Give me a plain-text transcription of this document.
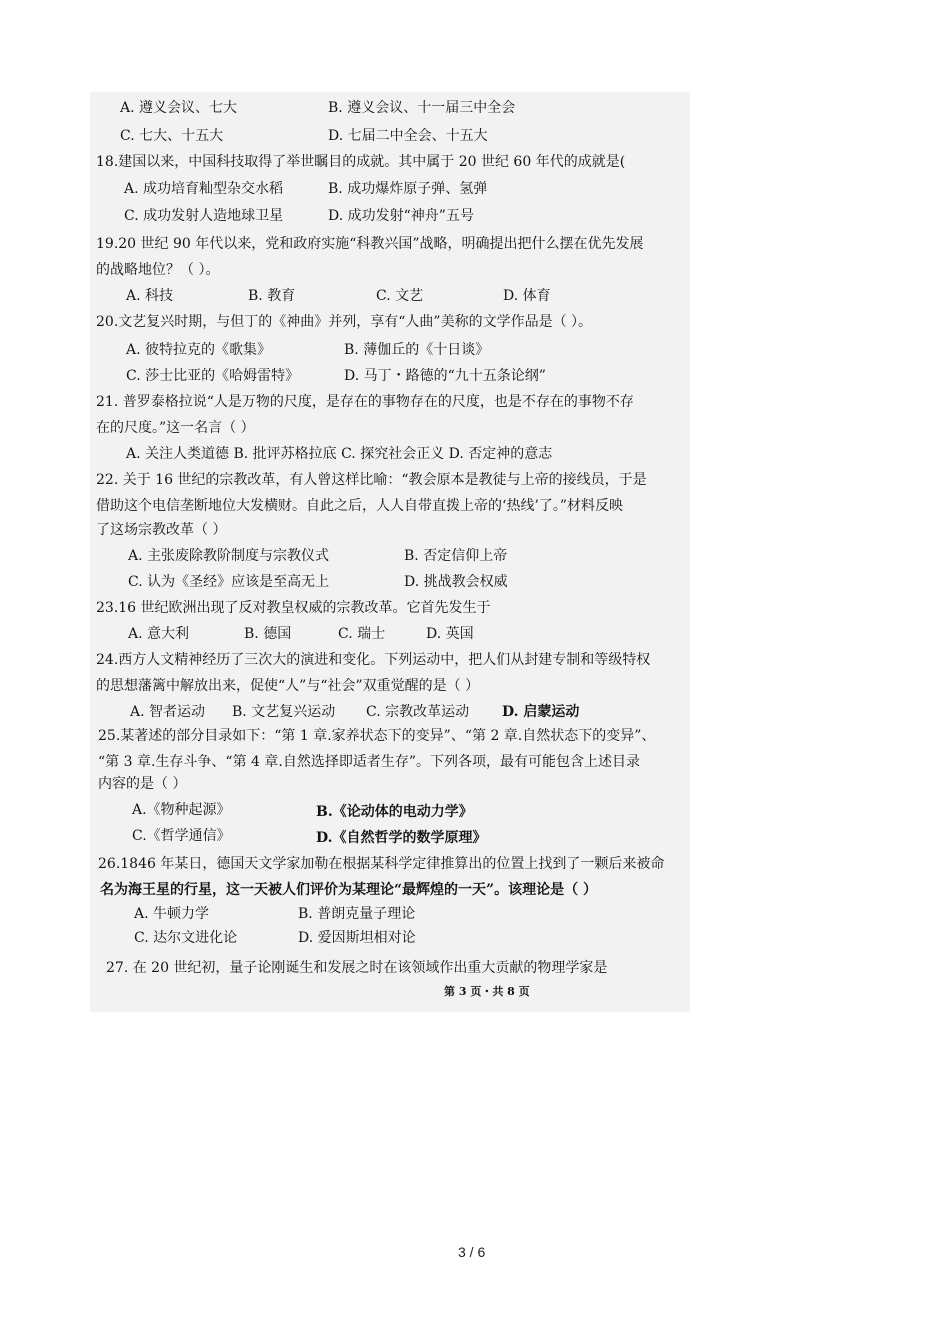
A. 遵义会议、七大	B. 遵义会议、十一届三中全会
C. 七大、十五大	D. 七届二中全会、十五大
18.建国以来，中国科技取得了举世瞩目的成就。其中属于 20 世纪 60 年代的成就是(
A. 成功培育籼型杂交水稻	B. 成功爆炸原子弹、氢弹
C. 成功发射人造地球卫星	D. 成功发射“神舟”五号
19.20 世纪 90 年代以来，党和政府实施“科教兴国”战略，明确提出把什么摆在优先发展
的战略地位？（ ）。
A. 科技	B. 教育	C. 文艺	D. 体育
20.文艺复兴时期，与但丁的《神曲》并列，享有“人曲”美称的文学作品是（ ）。
A. 彼特拉克的《歌集》	B. 薄伽丘的《十日谈》
C. 莎士比亚的《哈姆雷特》	D. 马丁・路德的“九十五条论纲”
21. 普罗泰格拉说“人是万物的尺度，是存在的事物存在的尺度，也是不存在的事物不存
在的尺度。”这一名言（ ）
A. 关注人类道德 B. 批评苏格拉底 C. 探究社会正义 D. 否定神的意志
22. 关于 16 世纪的宗教改革，有人曾这样比喻：“教会原本是教徒与上帝的接线员，于是
借助这个电信垄断地位大发横财。自此之后，人人自带直拨上帝的‘热线’了。”材料反映
了这场宗教改革（ ）
A. 主张废除教阶制度与宗教仪式	B. 否定信仰上帝
C. 认为《圣经》应该是至高无上	D. 挑战教会权威
23.16 世纪欧洲出现了反对教皇权威的宗教改革。它首先发生于
A. 意大利	B. 德国	C. 瑞士	D. 英国
24.西方人文精神经历了三次大的演进和变化。下列运动中，把人们从封建专制和等级特权
的思想藩篱中解放出来，促使“人”与“社会”双重觉醒的是（ ）
A. 智者运动 B. 文艺复兴运动 C. 宗教改革运动 D. 启蒙运动
25.某著述的部分目录如下：“第 1 章.家养状态下的变异”、“第 2 章.自然状态下的变异”、
“第 3 章.生存斗争、“第 4 章.自然选择即适者生存”。下列各项，最有可能包含上述目录
内容的是（ ）
A.《物种起源》	B.《论动体的电动力学》
C.《哲学通信》	D.《自然哲学的数学原理》
26.1846 年某日，德国天文学家加勒在根据某科学定律推算出的位置上找到了一颗后来被命
名为海王星的行星，这一天被人们评价为某理论“最辉煌的一天”。该理论是（ ）
A. 牛顿力学	B. 普朗克量子理论
C. 达尔文进化论	D. 爱因斯坦相对论
27. 在 20 世纪初，量子论刚诞生和发展之时在该领域作出重大贡献的物理学家是
第 3 页・共 8 页
3 / 6
